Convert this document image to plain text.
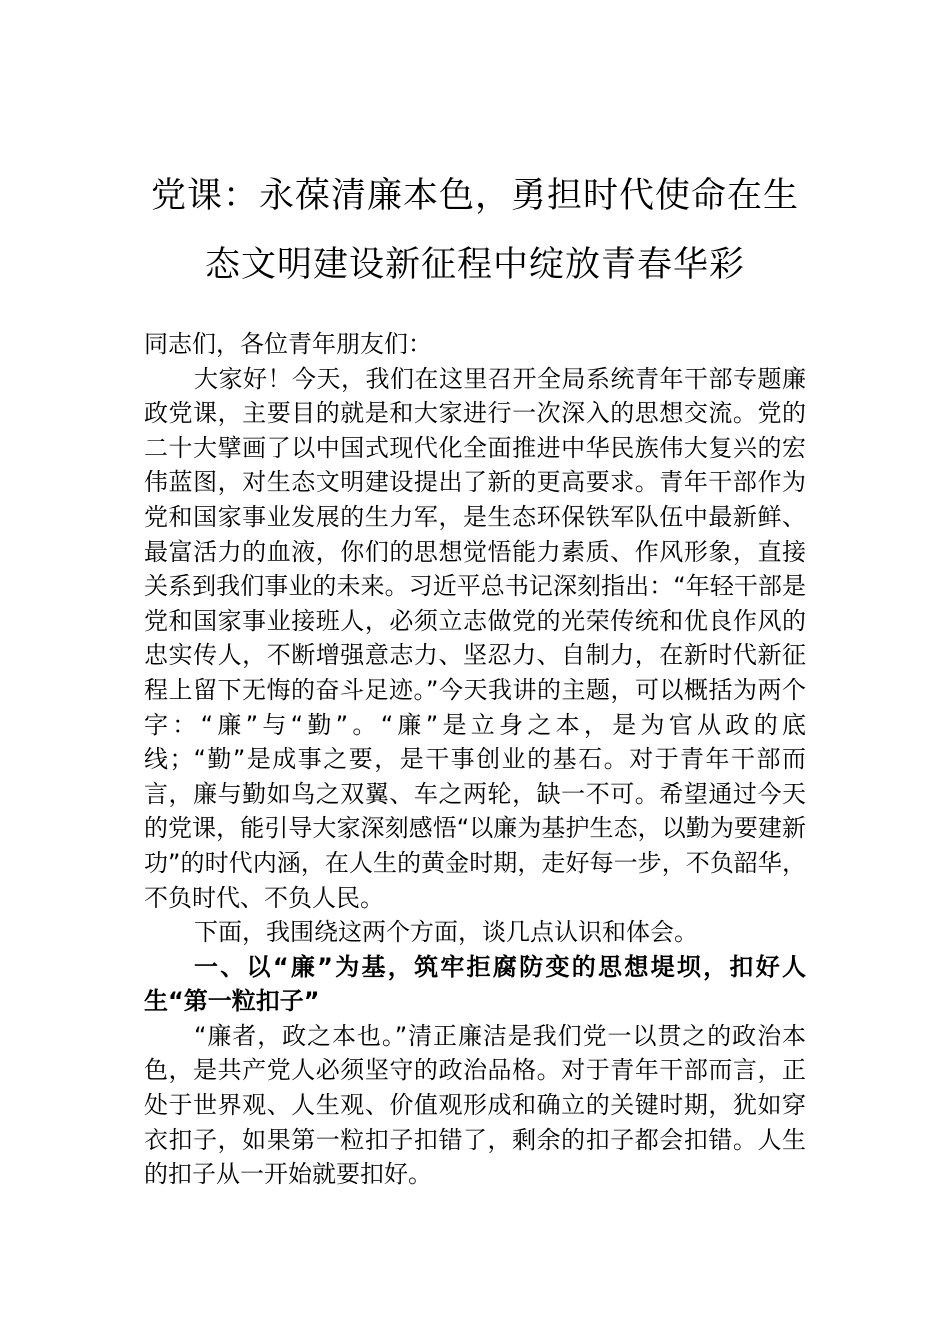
党课：永葆清廉本色，勇担时代使命在生
态文明建设新征程中绽放青春华彩

同志们，各位青年朋友们：

大家好！今天，我们在这里召开全局系统青年干部专题廉政党课，主要目的就是和大家进行一次深入的思想交流。党的二十大擘画了以中国式现代化全面推进中华民族伟大复兴的宏伟蓝图，对生态文明建设提出了新的更高要求。青年干部作为党和国家事业发展的生力军，是生态环保铁军队伍中最新鲜、最富活力的血液，你们的思想觉悟能力素质、作风形象，直接关系到我们事业的未来。习近平总书记深刻指出：“年轻干部是党和国家事业接班人，必须立志做党的光荣传统和优良作风的忠实传人，不断增强意志力、坚忍力、自制力，在新时代新征程上留下无悔的奋斗足迹。”今天我讲的主题，可以概括为两个字：“廉”与“勤”。“廉”是立身之本，是为官从政的底线；“勤”是成事之要，是干事创业的基石。对于青年干部而言，廉与勤如鸟之双翼、车之两轮，缺一不可。希望通过今天的党课，能引导大家深刻感悟“以廉为基护生态，以勤为要建新功”的时代内涵，在人生的黄金时期，走好每一步，不负韶华，不负时代、不负人民。

下面，我围绕这两个方面，谈几点认识和体会。

一、以“廉”为基，筑牢拒腐防变的思想堤坝，扣好人生“第一粒扣子”

“廉者，政之本也。”清正廉洁是我们党一以贯之的政治本色，是共产党人必须坚守的政治品格。对于青年干部而言，正处于世界观、人生观、价值观形成和确立的关键时期，犹如穿衣扣子，如果第一粒扣子扣错了，剩余的扣子都会扣错。人生的扣子从一开始就要扣好。
